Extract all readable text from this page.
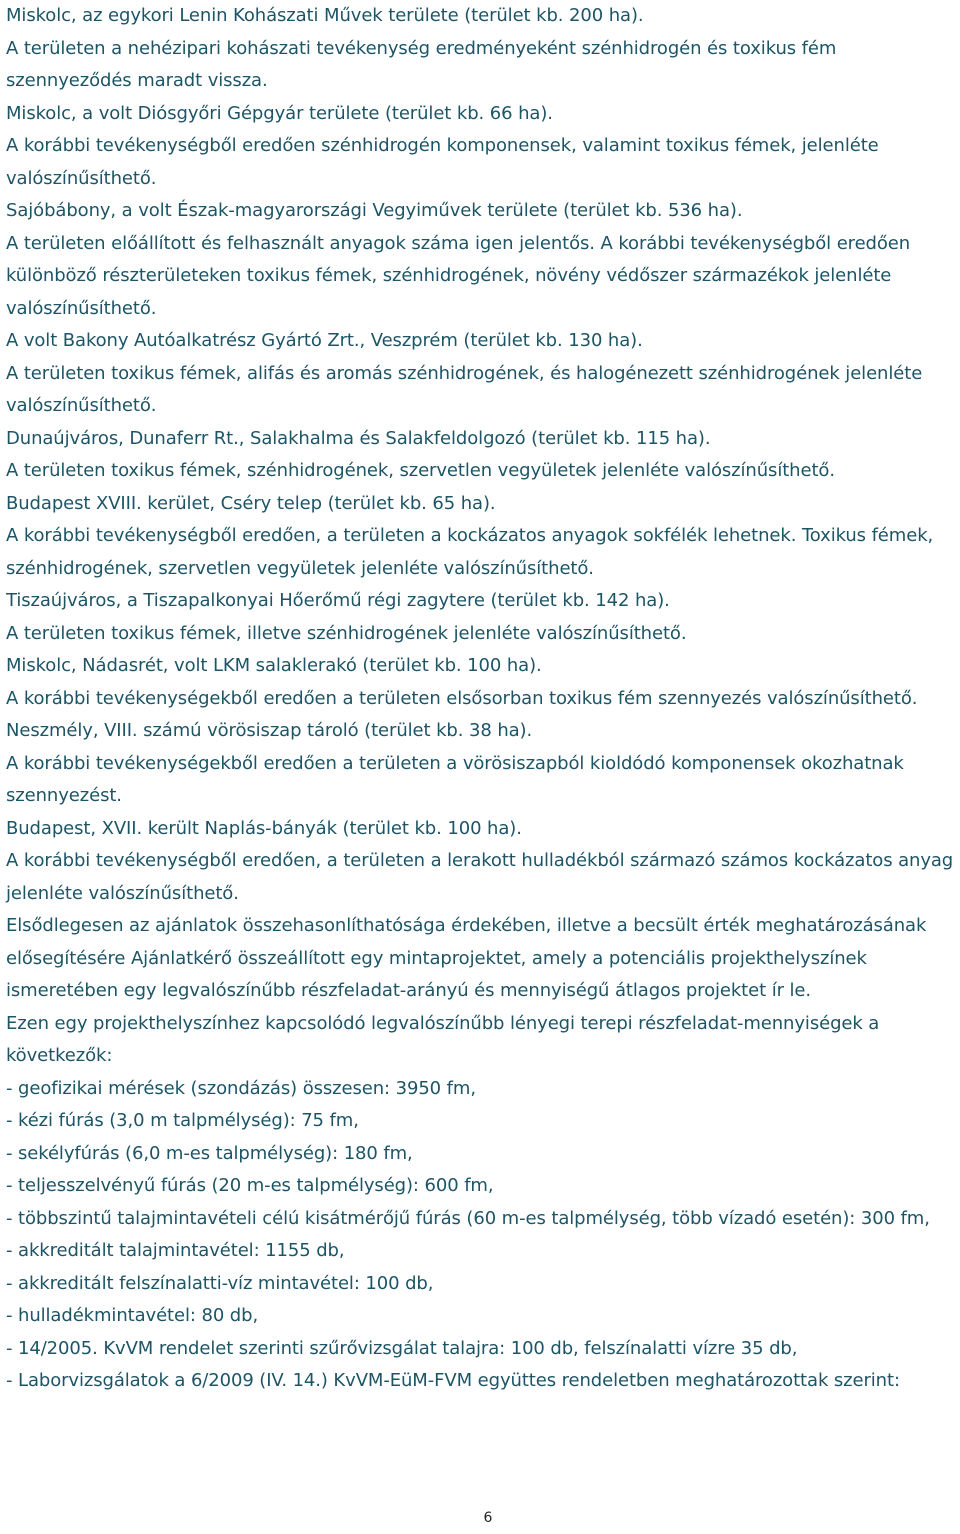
Miskolc, az egykori Lenin Kohászati Művek területe (terület kb. 200 ha).

A területen a nehézipari kohászati tevékenység eredményeként szénhidrogén és toxikus fém szennyeződés maradt vissza.

Miskolc, a volt Diósgyőri Gépgyár területe (terület kb. 66 ha).

A korábbi tevékenységből eredően szénhidrogén komponensek, valamint toxikus fémek, jelenléte valószínűsíthető.

Sajóbábony, a volt Észak-magyarországi Vegyiművek területe (terület kb. 536 ha).

A területen előállított és felhasznált anyagok száma igen jelentős. A korábbi tevékenységből eredően különböző részterületeken toxikus fémek, szénhidrogének, növény védőszer származékok jelenléte valószínűsíthető.

A volt Bakony Autóalkatrész Gyártó Zrt., Veszprém (terület kb. 130 ha).

A területen toxikus fémek, alifás és aromás szénhidrogének, és halogénezett szénhidrogének jelenléte valószínűsíthető.

Dunaújváros, Dunaferr Rt., Salakhalma és Salakfeldolgozó (terület kb. 115 ha).

A területen toxikus fémek, szénhidrogének, szervetlen vegyületek jelenléte valószínűsíthető.

Budapest XVIII. kerület, Cséry telep (terület kb. 65 ha).

A korábbi tevékenységből eredően, a területen a kockázatos anyagok sokfélék lehetnek. Toxikus fémek, szénhidrogének, szervetlen vegyületek jelenléte valószínűsíthető.

Tiszaújváros, a Tiszapalkonyai Hőerőmű régi zagytere (terület kb. 142 ha).

A területen toxikus fémek, illetve szénhidrogének jelenléte valószínűsíthető.

Miskolc, Nádasrét, volt LKM salaklerakó (terület kb. 100 ha).

A korábbi tevékenységekből eredően a területen elsősorban toxikus fém szennyezés valószínűsíthető.

Neszmély, VIII. számú vörösiszap tároló (terület kb. 38 ha).

A korábbi tevékenységekből eredően a területen a vörösiszapból kioldódó komponensek okozhatnak szennyezést.

Budapest, XVII. került Naplás-bányák (terület kb. 100 ha).

A korábbi tevékenységből eredően, a területen a lerakott hulladékból származó számos kockázatos anyag jelenléte valószínűsíthető.

Elsődlegesen az ajánlatok összehasonlíthatósága érdekében, illetve a becsült érték meghatározásának elősegítésére Ajánlatkérő összeállított egy mintaprojektet, amely a potenciális projekthelyszínek ismeretében egy legvalószínűbb részfeladat-arányú és mennyiségű átlagos projektet ír le.

Ezen egy projekthelyszínhez kapcsolódó legvalószínűbb lényegi terepi részfeladat-mennyiségek a következők:

- geofizikai mérések (szondázás) összesen: 3950 fm,

- kézi fúrás (3,0 m talpmélység): 75 fm,

- sekélyfúrás (6,0 m-es talpmélység): 180 fm,

- teljesszelvényű fúrás (20 m-es talpmélység): 600 fm,

- többszintű talajmintavételi célú kisátmérőjű fúrás (60 m-es talpmélység, több vízadó esetén): 300 fm,

- akkreditált talajmintavétel: 1155 db,

- akkreditált felszínalatti-víz mintavétel: 100 db,

- hulladékmintavétel: 80 db,

- 14/2005. KvVM rendelet szerinti szűrővizsgálat talajra: 100 db, felszínalatti vízre 35 db,

- Laborvizsgálatok a 6/2009 (IV. 14.) KvVM-EüM-FVM együttes rendeletben meghatározottak szerint:

6
